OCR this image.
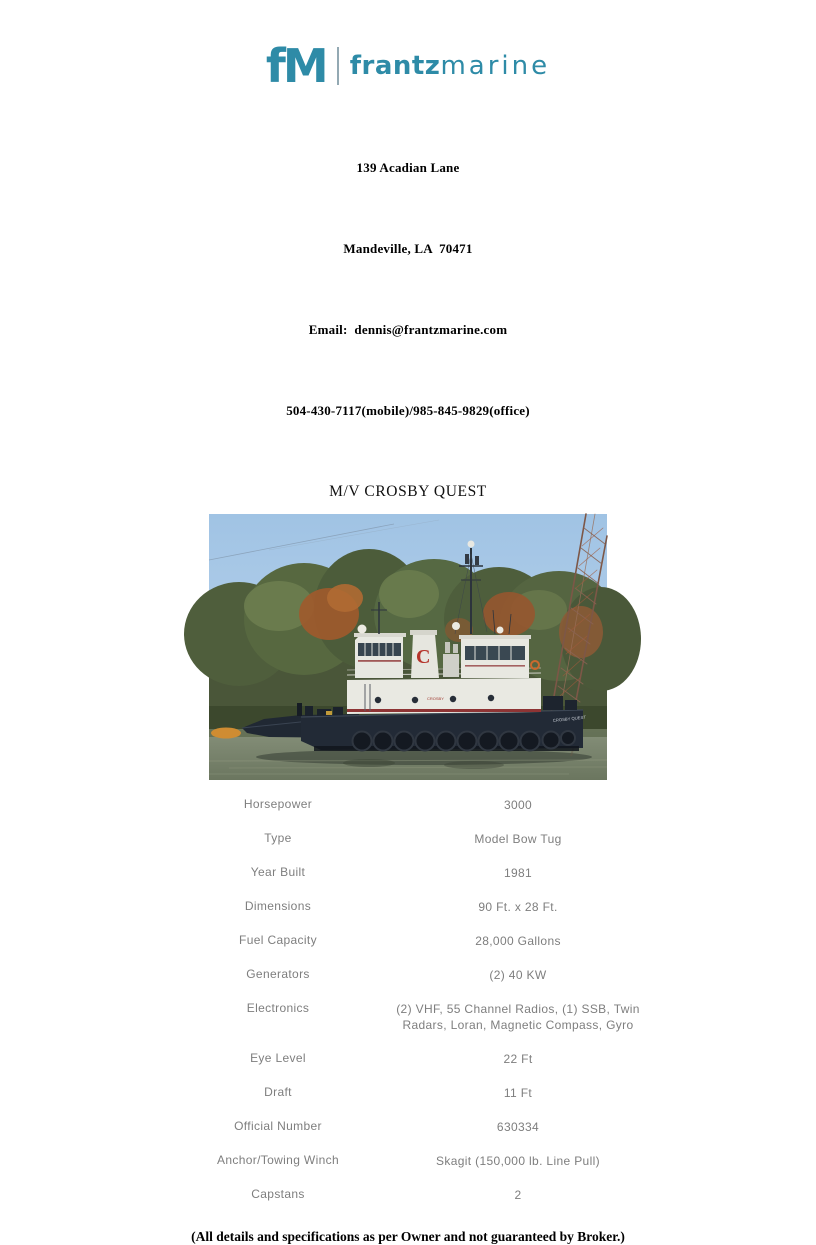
fM frantzmarine

139 Acadian Lane

Mandeville, LA  70471

Email:  dennis@frantzmarine.com

504-430-7117(mobile)/985-845-9829(office)

M/V CROSBY QUEST
CROSBY
C
CROSBY QUEST
Horsepower	3000
Type	Model Bow Tug
Year Built	1981
Dimensions	90 Ft. x 28 Ft.
Fuel Capacity	28,000 Gallons
Generators	(2) 40 KW
Electronics	(2) VHF, 55 Channel Radios, (1) SSB, Twin Radars, Loran, Magnetic Compass, Gyro
Eye Level	22 Ft
Draft	11 Ft
Official Number	630334
Anchor/Towing Winch	Skagit (150,000 lb. Line Pull)
Capstans	2
(All details and specifications as per Owner and not guaranteed by Broker.)
